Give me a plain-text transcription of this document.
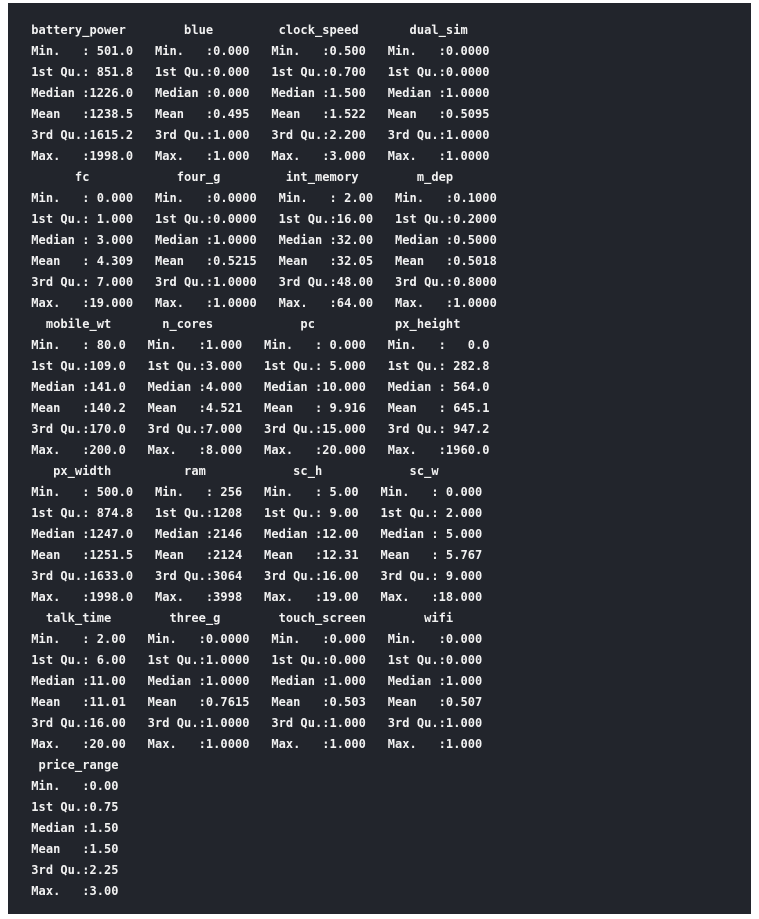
battery_power        blue         clock_speed       dual_sim
Min.   : 501.0   Min.   :0.000   Min.   :0.500   Min.   :0.0000
1st Qu.: 851.8   1st Qu.:0.000   1st Qu.:0.700   1st Qu.:0.0000
Median :1226.0   Median :0.000   Median :1.500   Median :1.0000
Mean   :1238.5   Mean   :0.495   Mean   :1.522   Mean   :0.5095
3rd Qu.:1615.2   3rd Qu.:1.000   3rd Qu.:2.200   3rd Qu.:1.0000
Max.   :1998.0   Max.   :1.000   Max.   :3.000   Max.   :1.0000
fc            four_g         int_memory        m_dep
Min.   : 0.000   Min.   :0.0000   Min.   : 2.00   Min.   :0.1000
1st Qu.: 1.000   1st Qu.:0.0000   1st Qu.:16.00   1st Qu.:0.2000
Median : 3.000   Median :1.0000   Median :32.00   Median :0.5000
Mean   : 4.309   Mean   :0.5215   Mean   :32.05   Mean   :0.5018
3rd Qu.: 7.000   3rd Qu.:1.0000   3rd Qu.:48.00   3rd Qu.:0.8000
Max.   :19.000   Max.   :1.0000   Max.   :64.00   Max.   :1.0000
mobile_wt       n_cores            pc           px_height
Min.   : 80.0   Min.   :1.000   Min.   : 0.000   Min.   :   0.0
1st Qu.:109.0   1st Qu.:3.000   1st Qu.: 5.000   1st Qu.: 282.8
Median :141.0   Median :4.000   Median :10.000   Median : 564.0
Mean   :140.2   Mean   :4.521   Mean   : 9.916   Mean   : 645.1
3rd Qu.:170.0   3rd Qu.:7.000   3rd Qu.:15.000   3rd Qu.: 947.2
Max.   :200.0   Max.   :8.000   Max.   :20.000   Max.   :1960.0
px_width          ram            sc_h            sc_w
Min.   : 500.0   Min.   : 256   Min.   : 5.00   Min.   : 0.000
1st Qu.: 874.8   1st Qu.:1208   1st Qu.: 9.00   1st Qu.: 2.000
Median :1247.0   Median :2146   Median :12.00   Median : 5.000
Mean   :1251.5   Mean   :2124   Mean   :12.31   Mean   : 5.767
3rd Qu.:1633.0   3rd Qu.:3064   3rd Qu.:16.00   3rd Qu.: 9.000
Max.   :1998.0   Max.   :3998   Max.   :19.00   Max.   :18.000
talk_time        three_g        touch_screen        wifi
Min.   : 2.00   Min.   :0.0000   Min.   :0.000   Min.   :0.000
1st Qu.: 6.00   1st Qu.:1.0000   1st Qu.:0.000   1st Qu.:0.000
Median :11.00   Median :1.0000   Median :1.000   Median :1.000
Mean   :11.01   Mean   :0.7615   Mean   :0.503   Mean   :0.507
3rd Qu.:16.00   3rd Qu.:1.0000   3rd Qu.:1.000   3rd Qu.:1.000
Max.   :20.00   Max.   :1.0000   Max.   :1.000   Max.   :1.000
price_range
Min.   :0.00
1st Qu.:0.75
Median :1.50
Mean   :1.50
3rd Qu.:2.25
Max.   :3.00
